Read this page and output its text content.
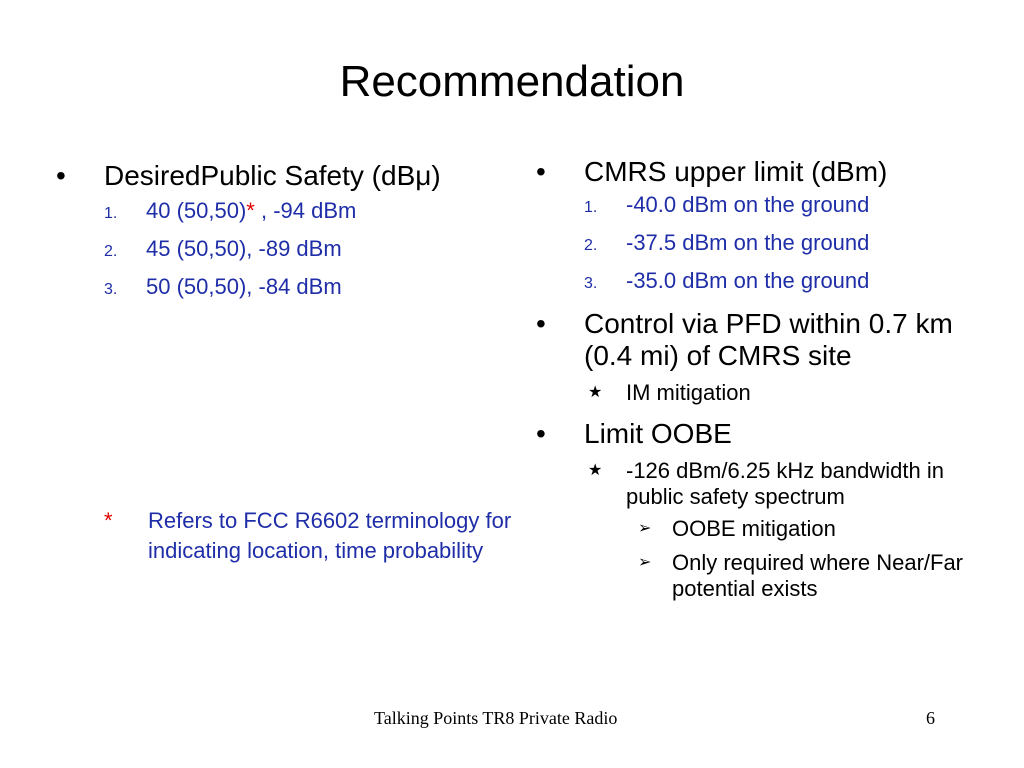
Recommendation
• DesiredPublic Safety (dBμ)
1. 40 (50,50)* , -94 dBm
2. 45 (50,50), -89 dBm
3. 50 (50,50), -84 dBm
*	Refers to FCC R6602 terminology for indicating location, time probability
• CMRS upper limit (dBm)
1. -40.0 dBm on the ground
2. -37.5 dBm on the ground
3. -35.0 dBm on the ground
• Control via PFD within 0.7 km (0.4 mi) of CMRS site
★ IM mitigation
• Limit OOBE
★ -126 dBm/6.25 kHz bandwidth in public safety spectrum
➢ OOBE mitigation
➢ Only required where Near/Far potential exists
Talking Points TR8 Private Radio	6
